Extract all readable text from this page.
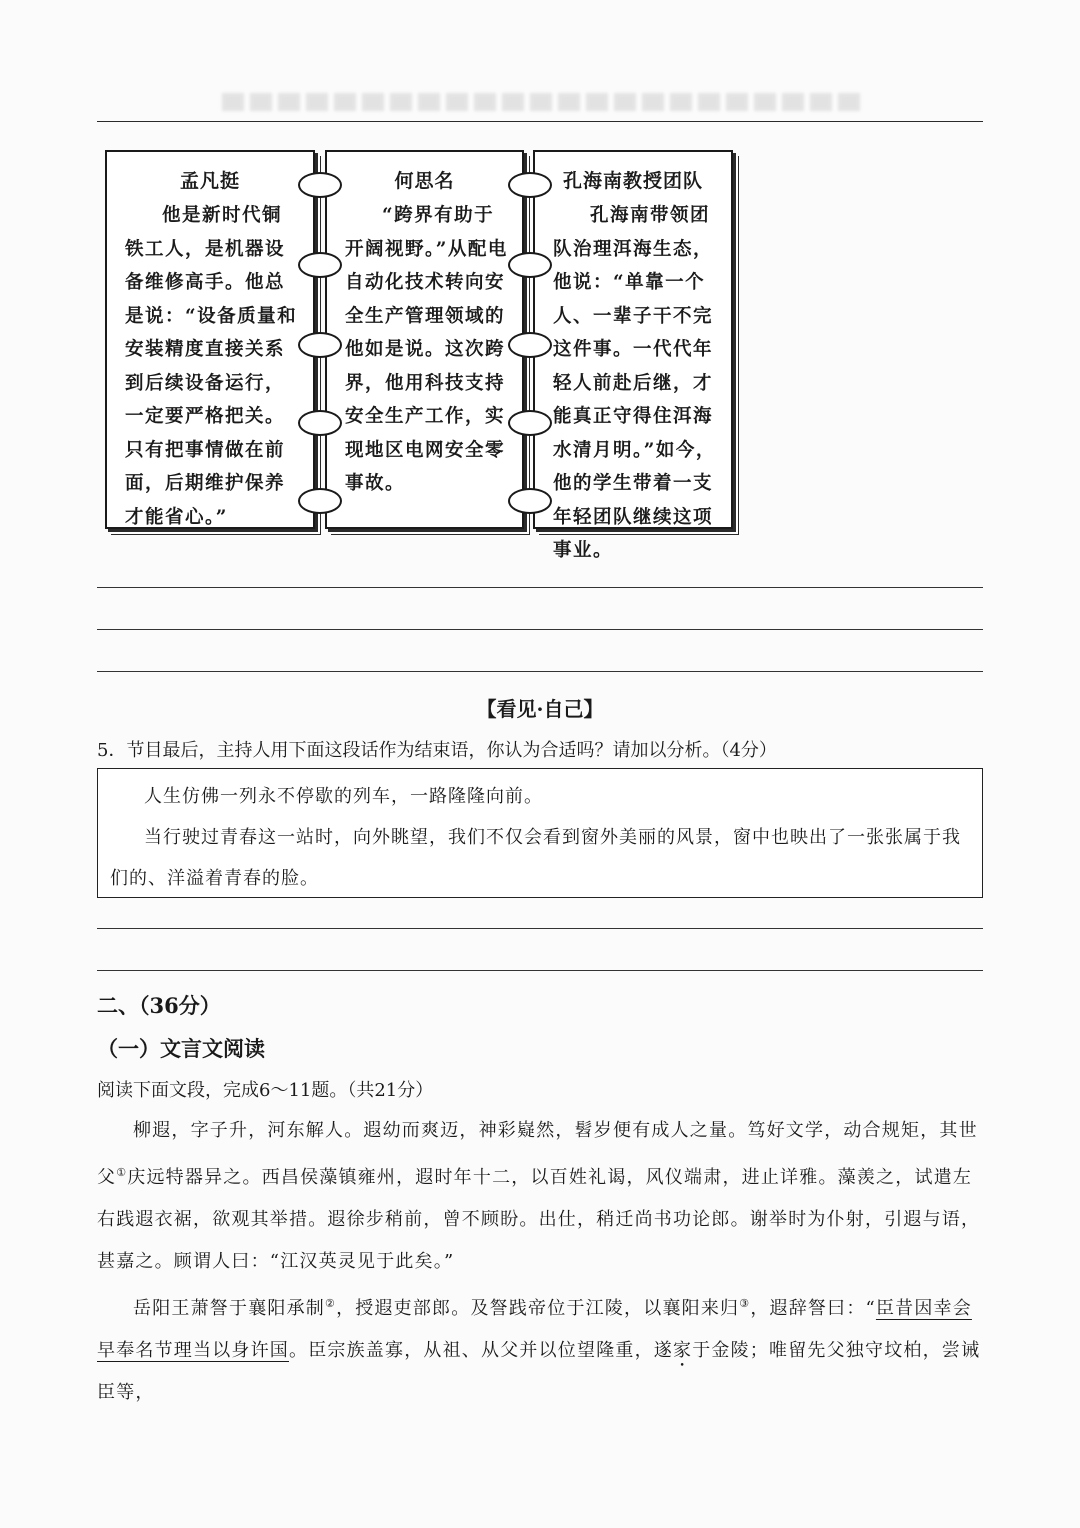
孟凡挺
他是新时代铜铁工人，是机器设备维修高手。他总是说：“设备质量和安装精度直接关系到后续设备运行，一定要严格把关。只有把事情做在前面，后期维护保养才能省心。”
何思名
“跨界有助于开阔视野。”从配电自动化技术转向安全生产管理领域的他如是说。这次跨界，他用科技支持安全生产工作，实现地区电网安全零事故。
孔海南教授团队
孔海南带领团队治理洱海生态，他说：“单靠一个人、一辈子干不完这件事。一代代年轻人前赴后继，才能真正守得住洱海水清月明。”如今，他的学生带着一支年轻团队继续这项事业。
【看见·自己】
5．节目最后，主持人用下面这段话作为结束语，你认为合适吗？请加以分析。（4分）

人生仿佛一列永不停歇的列车，一路隆隆向前。

当行驶过青春这一站时，向外眺望，我们不仅会看到窗外美丽的风景，窗中也映出了一张张属于我们的、洋溢着青春的脸。

二、（36分）
（一）文言文阅读
阅读下面文段，完成6～11题。（共21分）

柳遐，字子升，河东解人。遐幼而爽迈，神彩嶷然，髫岁便有成人之量。笃好文学，动合规矩，其世父①庆远特器异之。西昌侯藻镇雍州，遐时年十二，以百姓礼谒，风仪端肃，进止详雅。藻羡之，试遣左右践遐衣裾，欲观其举措。遐徐步稍前，曾不顾盼。出仕，稍迁尚书功论郎。谢举时为仆射，引遐与语，甚嘉之。顾谓人曰：“江汉英灵见于此矣。”

岳阳王萧詧于襄阳承制②，授遐吏部郎。及詧践帝位于江陵，以襄阳来归③，遐辞詧曰：“臣昔因幸会早奉名节理当以身许国。臣宗族盖寡，从祖、从父并以位望隆重，遂家于金陵；唯留先父独守坟柏，尝诫臣等，
